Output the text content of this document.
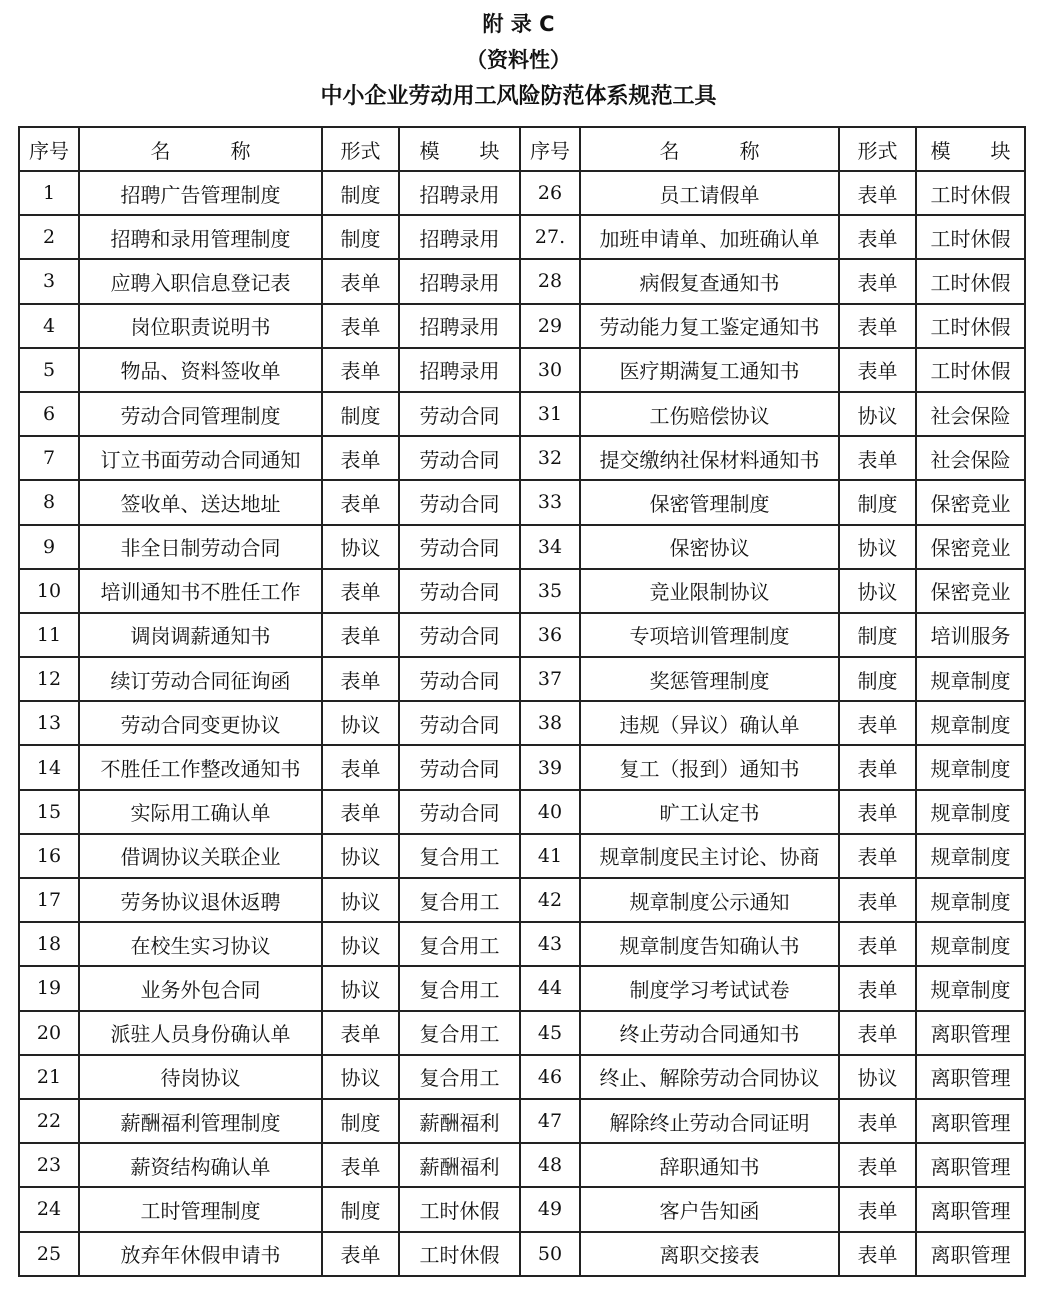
附 录 C
（资料性）
中小企业劳动用工风险防范体系规范工具
序号	名　　　称	形式	模　　块	序号	名　　　称	形式	模　　块
1	招聘广告管理制度	制度	招聘录用	26	员工请假单	表单	工时休假
2	招聘和录用管理制度	制度	招聘录用	27.	加班申请单、加班确认单	表单	工时休假
3	应聘入职信息登记表	表单	招聘录用	28	病假复查通知书	表单	工时休假
4	岗位职责说明书	表单	招聘录用	29	劳动能力复工鉴定通知书	表单	工时休假
5	物品、资料签收单	表单	招聘录用	30	医疗期满复工通知书	表单	工时休假
6	劳动合同管理制度	制度	劳动合同	31	工伤赔偿协议	协议	社会保险
7	订立书面劳动合同通知	表单	劳动合同	32	提交缴纳社保材料通知书	表单	社会保险
8	签收单、送达地址	表单	劳动合同	33	保密管理制度	制度	保密竞业
9	非全日制劳动合同	协议	劳动合同	34	保密协议	协议	保密竞业
10	培训通知书不胜任工作	表单	劳动合同	35	竞业限制协议	协议	保密竞业
11	调岗调薪通知书	表单	劳动合同	36	专项培训管理制度	制度	培训服务
12	续订劳动合同征询函	表单	劳动合同	37	奖惩管理制度	制度	规章制度
13	劳动合同变更协议	协议	劳动合同	38	违规（异议）确认单	表单	规章制度
14	不胜任工作整改通知书	表单	劳动合同	39	复工（报到）通知书	表单	规章制度
15	实际用工确认单	表单	劳动合同	40	旷工认定书	表单	规章制度
16	借调协议关联企业	协议	复合用工	41	规章制度民主讨论、协商	表单	规章制度
17	劳务协议退休返聘	协议	复合用工	42	规章制度公示通知	表单	规章制度
18	在校生实习协议	协议	复合用工	43	规章制度告知确认书	表单	规章制度
19	业务外包合同	协议	复合用工	44	制度学习考试试卷	表单	规章制度
20	派驻人员身份确认单	表单	复合用工	45	终止劳动合同通知书	表单	离职管理
21	待岗协议	协议	复合用工	46	终止、解除劳动合同协议	协议	离职管理
22	薪酬福利管理制度	制度	薪酬福利	47	解除终止劳动合同证明	表单	离职管理
23	薪资结构确认单	表单	薪酬福利	48	辞职通知书	表单	离职管理
24	工时管理制度	制度	工时休假	49	客户告知函	表单	离职管理
25	放弃年休假申请书	表单	工时休假	50	离职交接表	表单	离职管理
